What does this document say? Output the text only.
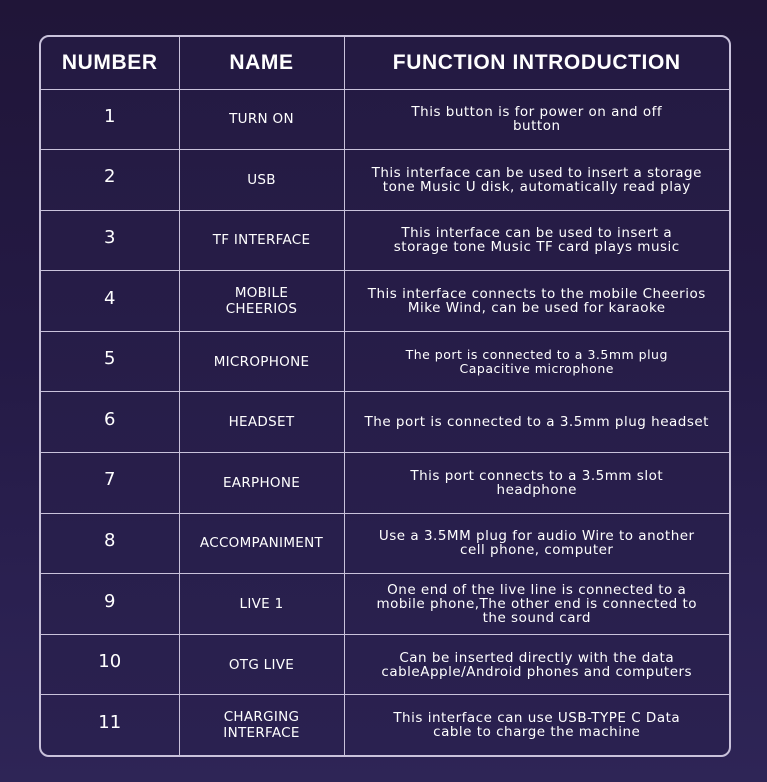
NUMBER	NAME	FUNCTION INTRODUCTION
1	TURN ON	This button is for power on and off button
2	USB	This interface can be used to insert a storage tone Music U disk, automatically read play
3	TF INTERFACE	This interface can be used to insert a storage tone Music TF card plays music
4	MOBILE CHEERIOS	This interface connects to the mobile Cheerios Mike Wind, can be used for karaoke
5	MICROPHONE	The port is connected to a 3.5mm plug Capacitive microphone
6	HEADSET	The port is connected to a 3.5mm plug headset
7	EARPHONE	This port connects to a 3.5mm slot headphone
8	ACCOMPANIMENT	Use a 3.5MM plug for audio Wire to another cell phone, computer
9	LIVE 1	One end of the live line is connected to a mobile phone,The other end is connected to the sound card
10	OTG LIVE	Can be inserted directly with the data cableApple/Android phones and computers
11	CHARGING INTERFACE	This interface can use USB-TYPE C Data cable to charge the machine
